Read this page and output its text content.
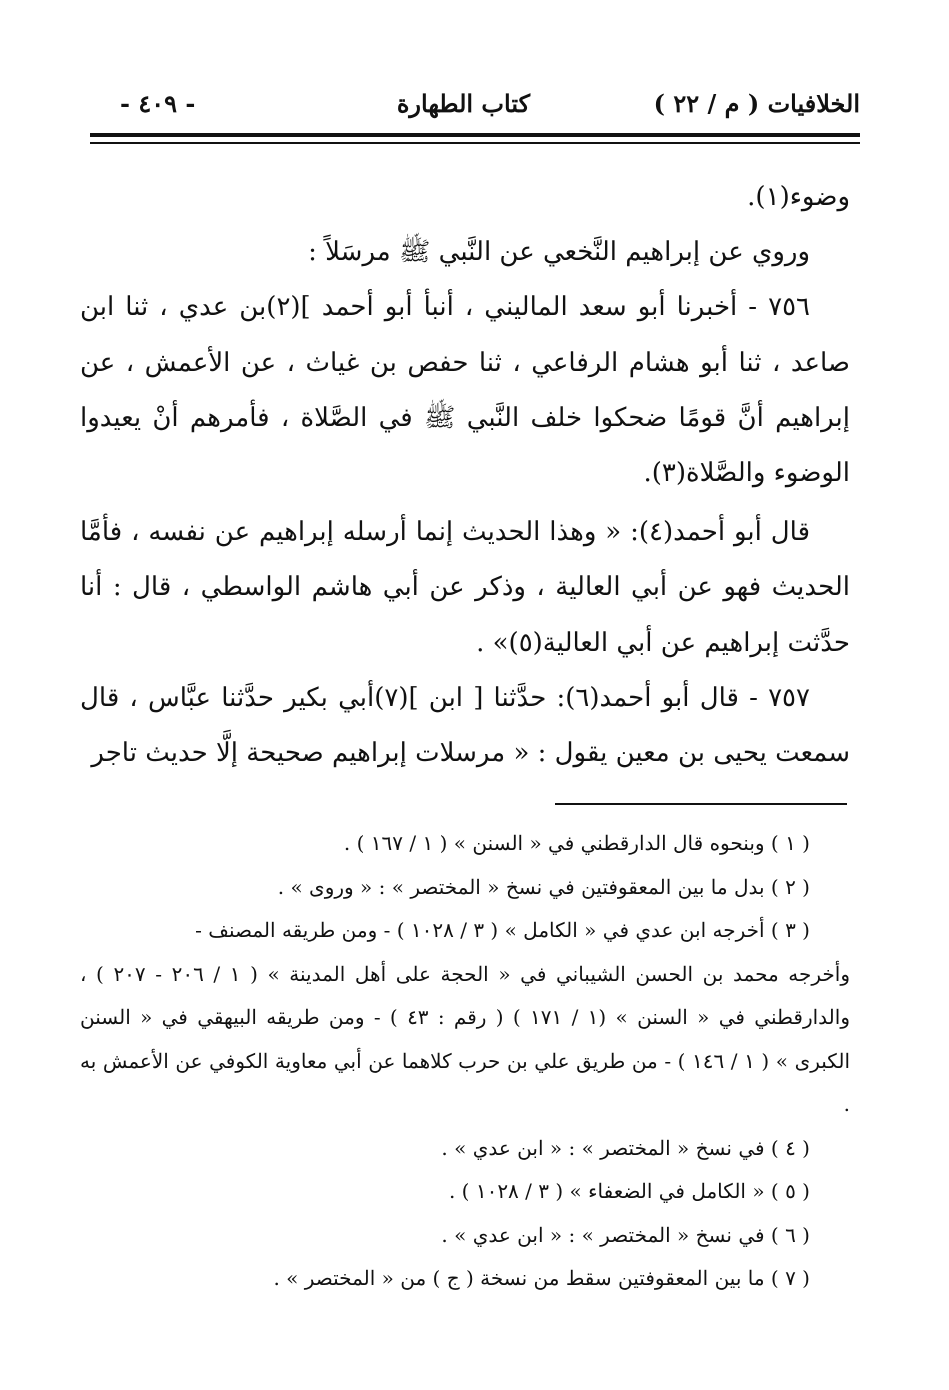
الخلافيات ( م / ٢٢ )
كتاب الطهارة
- ٤٠٩ -

وضوء(١).

وروي عن إبراهيم النَّخعي عن النَّبي ﷺ مرسَلاً :

٧٥٦ - أخبرنا أبو سعد الماليني ، أنبأ أبو أحمد ](٢)بن عدي ، ثنا ابن صاعد ، ثنا أبو هشام الرفاعي ، ثنا حفص بن غياث ، عن الأعمش ، عن إبراهيم أنَّ قومًا ضحكوا خلف النَّبي ﷺ في الصَّلاة ، فأمرهم أنْ يعيدوا الوضوء والصَّلاة(٣).

قال أبو أحمد(٤): « وهذا الحديث إنما أرسله إبراهيم عن نفسه ، فأمَّا الحديث فهو عن أبي العالية ، وذكر عن أبي هاشم الواسطي ، قال : أنا حدَّثت إبراهيم عن أبي العالية(٥)» .

٧٥٧ - قال أبو أحمد(٦): حدَّثنا [ ابن ](٧)أبي بكير حدَّثنا عبَّاس ، قال سمعت يحيى بن معين يقول : « مرسلات إبراهيم صحيحة إلَّا حديث تاجر

( ١ ) وبنحوه قال الدارقطني في « السنن » ( ١ / ١٦٧ ) .

( ٢ ) بدل ما بين المعقوفتين في نسخ « المختصر » : « وروى » .

( ٣ ) أخرجه ابن عدي في « الكامل » ( ٣ / ١٠٢٨ ) - ومن طريقه المصنف -

وأخرجه محمد بن الحسن الشيباني في « الحجة على أهل المدينة » ( ١ / ٢٠٦ - ٢٠٧ ) ، والدارقطني في « السنن » (١ / ١٧١ ) ( رقم : ٤٣ ) - ومن طريقه البيهقي في « السنن الكبرى » ( ١ / ١٤٦ ) - من طريق علي بن حرب كلاهما عن أبي معاوية الكوفي عن الأعمش به .

( ٤ ) في نسخ « المختصر » : « ابن عدي » .

( ٥ ) « الكامل في الضعفاء » ( ٣ / ١٠٢٨ ) .

( ٦ ) في نسخ « المختصر » : « ابن عدي » .

( ٧ ) ما بين المعقوفتين سقط من نسخة ( ج ) من « المختصر » .
